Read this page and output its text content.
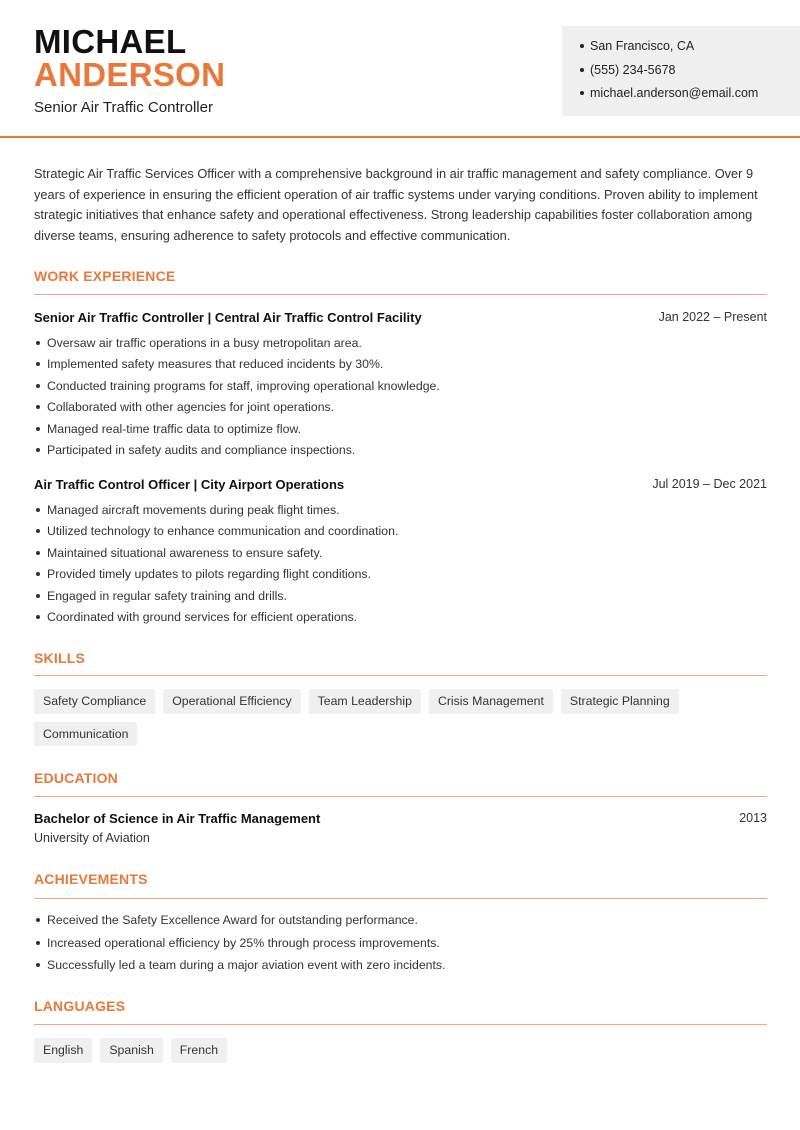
MICHAEL
ANDERSON
Senior Air Traffic Controller
San Francisco, CA
(555) 234-5678
michael.anderson@email.com

Strategic Air Traffic Services Officer with a comprehensive background in air traffic management and safety compliance. Over 9 years of experience in ensuring the efficient operation of air traffic systems under varying conditions. Proven ability to implement strategic initiatives that enhance safety and operational effectiveness. Strong leadership capabilities foster collaboration among diverse teams, ensuring adherence to safety protocols and effective communication.

WORK EXPERIENCE
Senior Air Traffic Controller | Central Air Traffic Control Facility	Jan 2022 – Present
Oversaw air traffic operations in a busy metropolitan area.
Implemented safety measures that reduced incidents by 30%.
Conducted training programs for staff, improving operational knowledge.
Collaborated with other agencies for joint operations.
Managed real-time traffic data to optimize flow.
Participated in safety audits and compliance inspections.
Air Traffic Control Officer | City Airport Operations	Jul 2019 – Dec 2021
Managed aircraft movements during peak flight times.
Utilized technology to enhance communication and coordination.
Maintained situational awareness to ensure safety.
Provided timely updates to pilots regarding flight conditions.
Engaged in regular safety training and drills.
Coordinated with ground services for efficient operations.
SKILLS
Safety Compliance	Operational Efficiency	Team Leadership	Crisis Management	Strategic Planning
Communication
EDUCATION
Bachelor of Science in Air Traffic Management	2013
University of Aviation
ACHIEVEMENTS
Received the Safety Excellence Award for outstanding performance.
Increased operational efficiency by 25% through process improvements.
Successfully led a team during a major aviation event with zero incidents.
LANGUAGES
English	Spanish	French
